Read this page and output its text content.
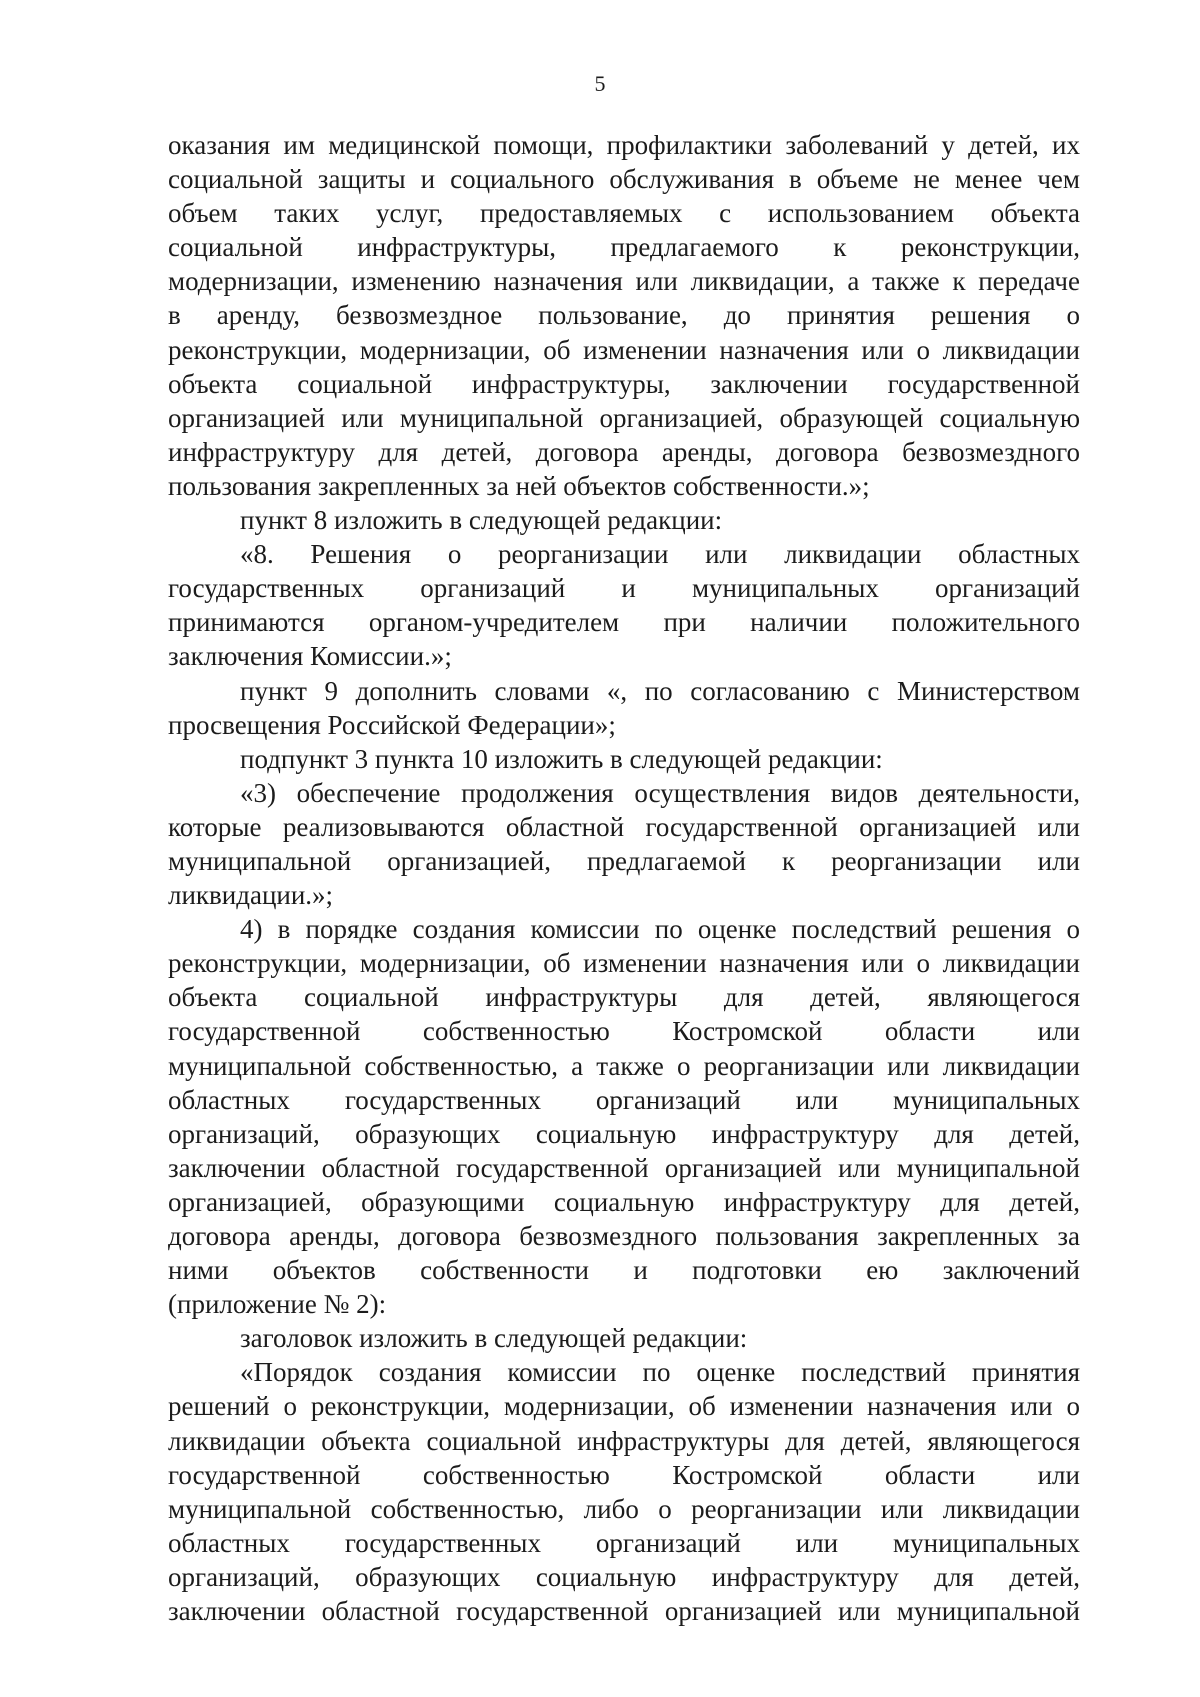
5
оказания им медицинской помощи, профилактики заболеваний у детей, их
социальной защиты и социального обслуживания в объеме не менее чем
объем таких услуг, предоставляемых с использованием объекта
социальной инфраструктуры, предлагаемого к реконструкции,
модернизации, изменению назначения или ликвидации, а также к передаче
в аренду, безвозмездное пользование, до принятия решения о
реконструкции, модернизации, об изменении назначения или о ликвидации
объекта социальной инфраструктуры, заключении государственной
организацией или муниципальной организацией, образующей социальную
инфраструктуру для детей, договора аренды, договора безвозмездного
пользования закрепленных за ней объектов собственности.»;
пункт 8 изложить в следующей редакции:
«8. Решения о реорганизации или ликвидации областных
государственных организаций и муниципальных организаций
принимаются органом-учредителем при наличии положительного
заключения Комиссии.»;
пункт 9 дополнить словами «, по согласованию с Министерством
просвещения Российской Федерации»;
подпункт 3 пункта 10 изложить в следующей редакции:
«3) обеспечение продолжения осуществления видов деятельности,
которые реализовываются областной государственной организацией или
муниципальной организацией, предлагаемой к реорганизации или
ликвидации.»;
4) в порядке создания комиссии по оценке последствий решения о
реконструкции, модернизации, об изменении назначения или о ликвидации
объекта социальной инфраструктуры для детей, являющегося
государственной собственностью Костромской области или
муниципальной собственностью, а также о реорганизации или ликвидации
областных государственных организаций или муниципальных
организаций, образующих социальную инфраструктуру для детей,
заключении областной государственной организацией или муниципальной
организацией, образующими социальную инфраструктуру для детей,
договора аренды, договора безвозмездного пользования закрепленных за
ними объектов собственности и подготовки ею заключений
(приложение № 2):
заголовок изложить в следующей редакции:
«Порядок создания комиссии по оценке последствий принятия
решений о реконструкции, модернизации, об изменении назначения или о
ликвидации объекта социальной инфраструктуры для детей, являющегося
государственной собственностью Костромской области или
муниципальной собственностью, либо о реорганизации или ликвидации
областных государственных организаций или муниципальных
организаций, образующих социальную инфраструктуру для детей,
заключении областной государственной организацией или муниципальной
